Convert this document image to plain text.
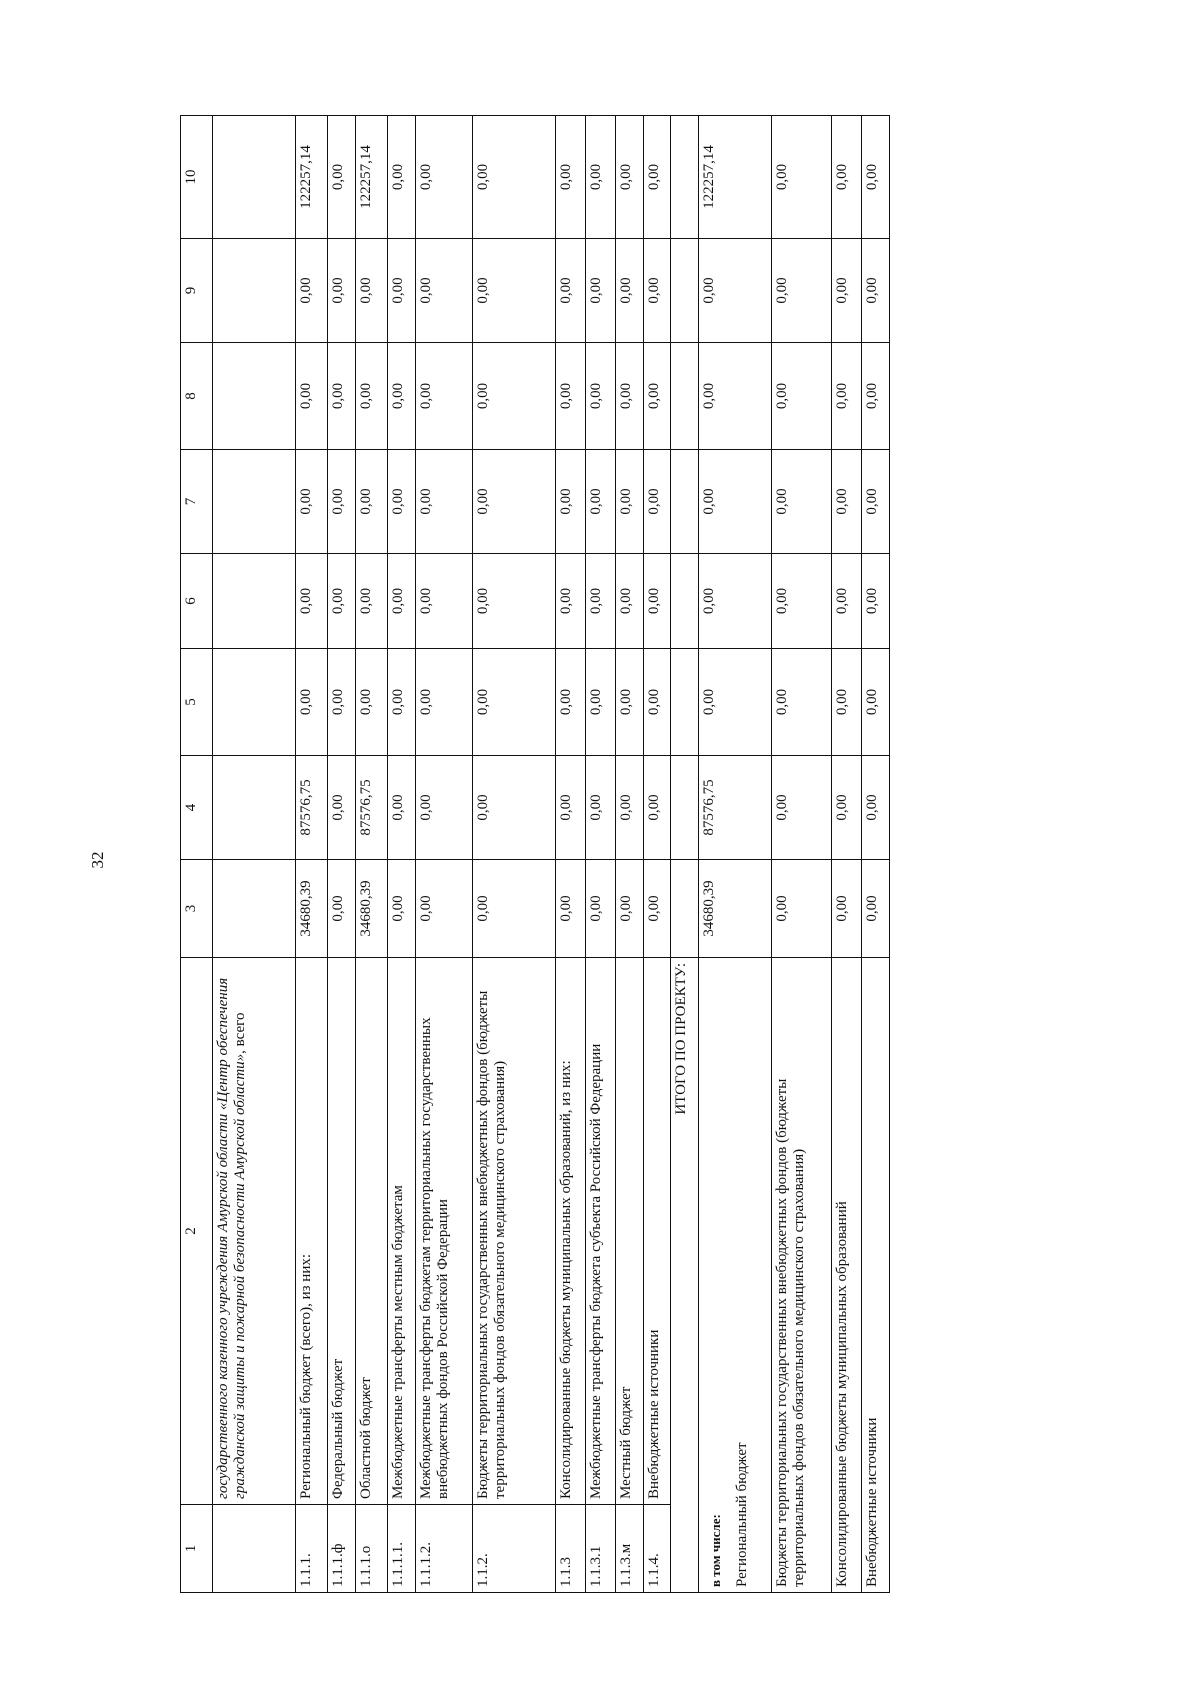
32
1	2	3	4	5	6	7	8	9	10
	государственного казенного учреждения Амурской области «Центр обеспечения гражданской защиты и пожарной безопасности Амурской области», всего								
1.1.1.	Региональный бюджет (всего), из них:	34680,39	87576,75	0,00	0,00	0,00	0,00	0,00	122257,14
1.1.1.ф	Федеральный бюджет	0,00	0,00	0,00	0,00	0,00	0,00	0,00	0,00
1.1.1.о	Областной бюджет	34680,39	87576,75	0,00	0,00	0,00	0,00	0,00	122257,14
1.1.1.1.	Межбюджетные трансферты местным бюджетам	0,00	0,00	0,00	0,00	0,00	0,00	0,00	0,00
1.1.1.2.	Межбюджетные трансферты бюджетам территориальных государственных внебюджетных фондов Российской Федерации	0,00	0,00	0,00	0,00	0,00	0,00	0,00	0,00
1.1.2.	Бюджеты территориальных государственных внебюджетных фондов (бюджеты территориальных фондов обязательного медицинского страхования)	0,00	0,00	0,00	0,00	0,00	0,00	0,00	0,00
1.1.3	Консолидированные бюджеты муниципальных образований, из них:	0,00	0,00	0,00	0,00	0,00	0,00	0,00	0,00
1.1.3.1	Межбюджетные трансферты бюджета субъекта Российской Федерации	0,00	0,00	0,00	0,00	0,00	0,00	0,00	0,00
1.1.3.м	Местный бюджет	0,00	0,00	0,00	0,00	0,00	0,00	0,00	0,00
1.1.4.	Внебюджетные источники	0,00	0,00	0,00	0,00	0,00	0,00	0,00	0,00
ИТОГО ПО ПРОЕКТУ:									

в том числе: Региональный бюджет		34680,39	87576,75	0,00	0,00	0,00	0,00	0,00	122257,14
Бюджеты территориальных государственных внебюджетных фондов (бюджеты территориальных фондов обязательного медицинского страхования)		0,00	0,00	0,00	0,00	0,00	0,00	0,00	0,00
Консолидированные бюджеты муниципальных образований		0,00	0,00	0,00	0,00	0,00	0,00	0,00	0,00
Внебюджетные источники		0,00	0,00	0,00	0,00	0,00	0,00	0,00	0,00
